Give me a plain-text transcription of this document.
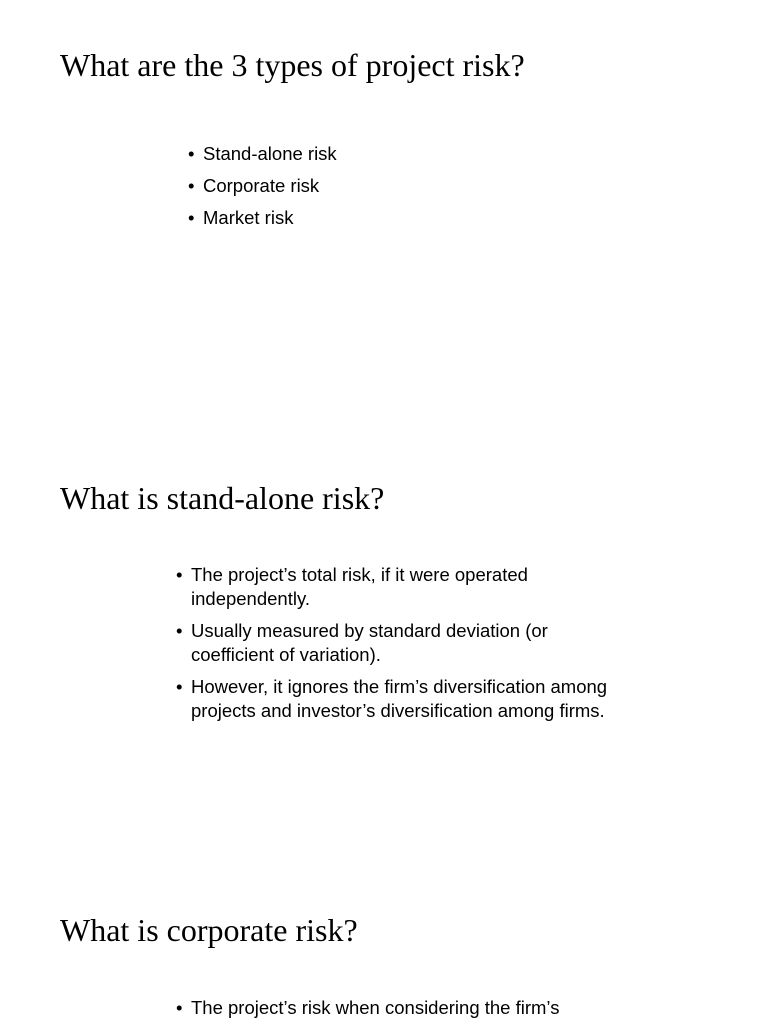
What are the 3 types of project risk?
• Stand-alone risk
• Corporate risk
• Market risk
What is stand-alone risk?
• The project’s total risk, if it were operated independently.
• Usually measured by standard deviation (or coefficient of variation).
• However, it ignores the firm’s diversification among projects and investor’s diversification among firms.
What is corporate risk?
• The project’s risk when considering the firm’s
